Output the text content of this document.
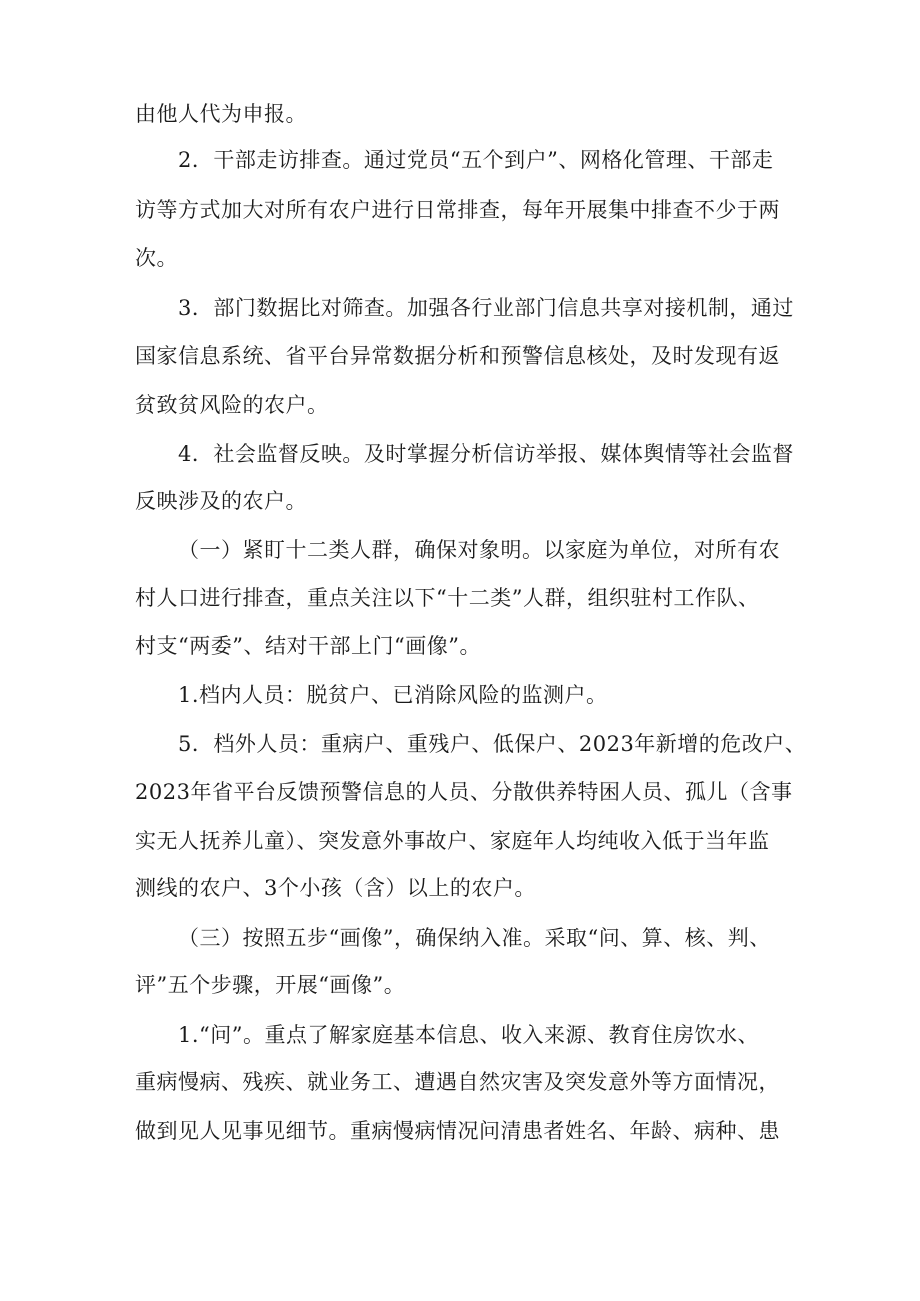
由他人代为申报。
2．干部走访排查。通过党员“五个到户”、网格化管理、干部走
访等方式加大对所有农户进行日常排查，每年开展集中排查不少于两
次。
3．部门数据比对筛查。加强各行业部门信息共享对接机制，通过
国家信息系统、省平台异常数据分析和预警信息核处，及时发现有返
贫致贫风险的农户。
4．社会监督反映。及时掌握分析信访举报、媒体舆情等社会监督
反映涉及的农户。
（一）紧盯十二类人群，确保对象明。以家庭为单位，对所有农
村人口进行排查，重点关注以下“十二类”人群，组织驻村工作队、
村支“两委”、结对干部上门“画像”。
1.档内人员：脱贫户、已消除风险的监测户。
5．档外人员：重病户、重残户、低保户、2023年新增的危改户、
2023年省平台反馈预警信息的人员、分散供养特困人员、孤儿（含事
实无人抚养儿童）、突发意外事故户、家庭年人均纯收入低于当年监
测线的农户、3个小孩（含）以上的农户。
（三）按照五步“画像”，确保纳入准。采取“问、算、核、判、
评”五个步骤，开展“画像”。
1.“问”。重点了解家庭基本信息、收入来源、教育住房饮水、
重病慢病、残疾、就业务工、遭遇自然灾害及突发意外等方面情况，
做到见人见事见细节。重病慢病情况问清患者姓名、年龄、病种、患
